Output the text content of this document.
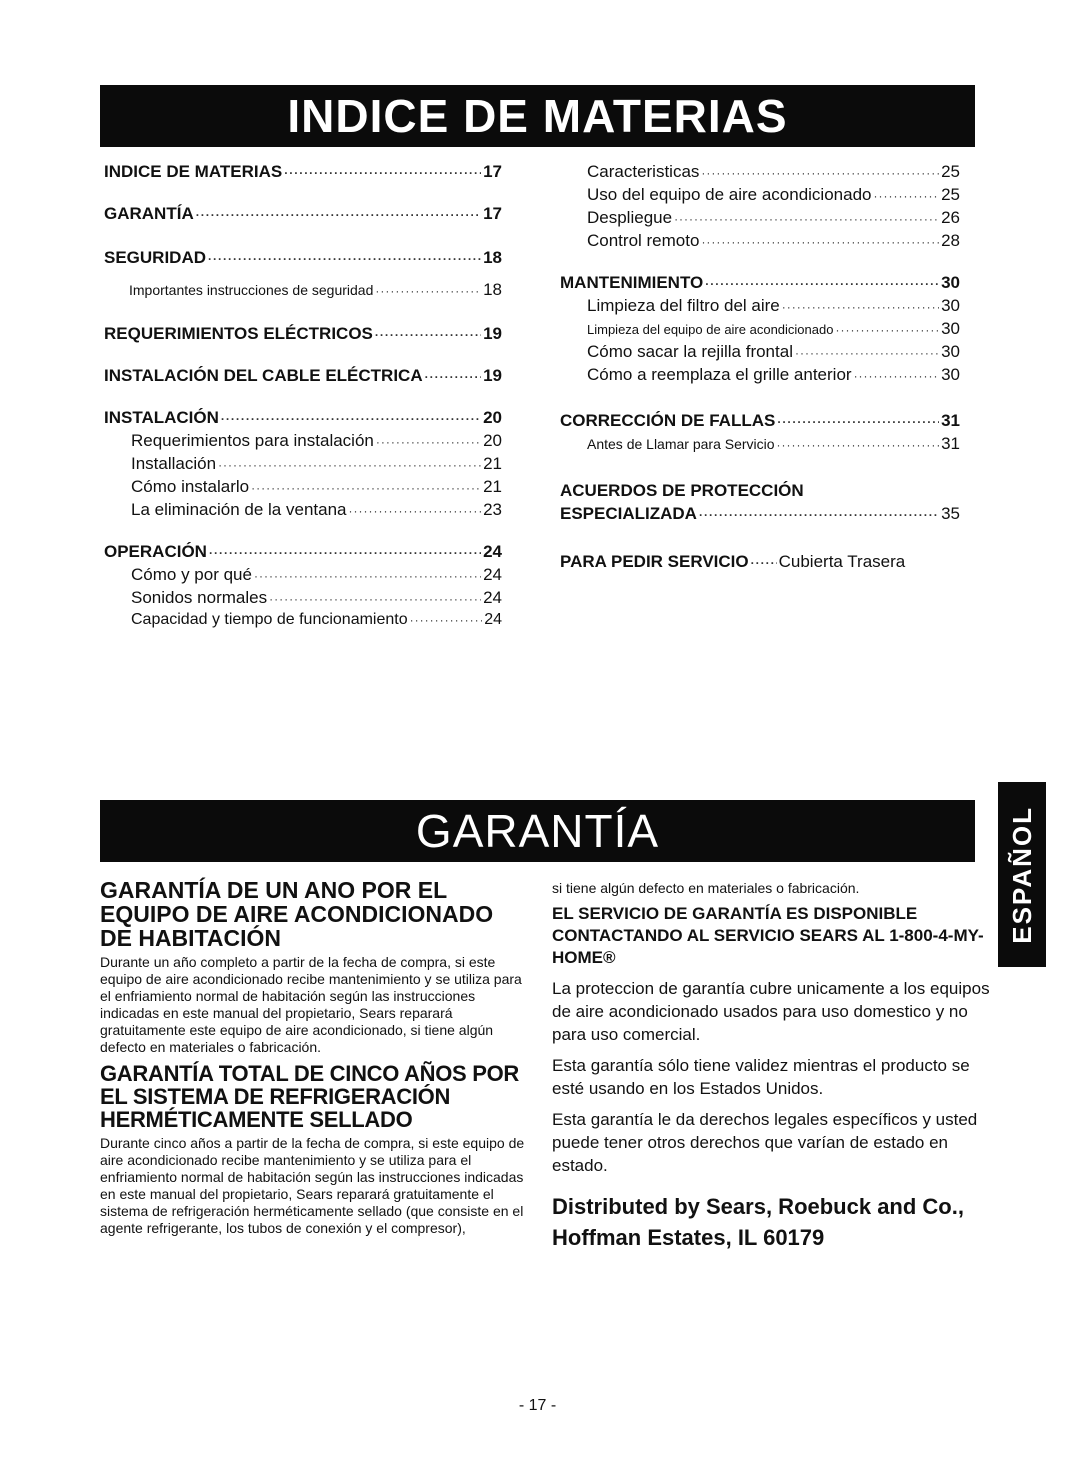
INDICE DE MATERIAS
INDICE DE MATERIAS ·····	17
GARANTÍA ·····	17
SEGURIDAD ·····	18
Importantes instrucciones de seguridad ·····	18
REQUERIMIENTOS ELÉCTRICOS ·····	19
INSTALACIÓN DEL CABLE ELÉCTRICA ·····	19
INSTALACIÓN ·····	20
Requerimientos para instalación ·····	20
Installación ·····	21
Cómo instalarlo ·····	21
La eliminación de la ventana ·····	23
OPERACIÓN ·····	24
Cómo y por qué ·····	24
Sonidos normales ·····	24
Capacidad y tiempo de funcionamiento ·····	24
Caracteristicas ·····	25
Uso del equipo de aire acondicionado ·····	25
Despliegue ·····	26
Control remoto ·····	28
MANTENIMIENTO ·····	30
Limpieza del filtro del aire ·····	30
Limpieza del equipo de aire acondicionado ·····	30
Cómo sacar la rejilla frontal ·····	30
Cómo a reemplaza el grille anterior ·····	30
CORRECCIÓN DE FALLAS ·····	31
Antes de Llamar para Servicio ·····	31
ACUERDOS DE PROTECCIÓN
ESPECIALIZADA ·····	35
PARA PEDIR SERVICIO ····· Cubierta Trasera
GARANTÍA	ESPAÑOL

GARANTÍA DE UN ANO POR EL EQUIPO DE AIRE ACONDICIONADO DE HABITACIÓN

Durante un año completo a partir de la fecha de compra, si este equipo de aire acondicionado recibe mantenimiento y se utiliza para el enfriamiento normal de habitación según las instrucciones indicadas en este manual del propietario, Sears reparará gratuitamente este equipo de aire acondicionado, si tiene algún defecto en materiales o fabricación.

GARANTÍA TOTAL DE CINCO AÑOS POR EL SISTEMA DE REFRIGERACIÓN HERMÉTICAMENTE SELLADO

Durante cinco años a partir de la fecha de compra, si este equipo de aire acondicionado recibe mantenimiento y se utiliza para el enfriamiento normal de habitación según las instrucciones indicadas en este manual del propietario, Sears reparará gratuitamente el sistema de refrigeración herméticamente sellado (que consiste en el agente refrigerante, los tubos de conexión y el compresor),

si tiene algún defecto en materiales o fabricación.

EL SERVICIO DE GARANTÍA ES DISPONIBLE CONTACTANDO AL SERVICIO SEARS AL 1-800-4-MY-HOME®

La proteccion de garantía cubre unicamente a los equipos de aire acondicionado usados para uso domestico y no para uso comercial.

Esta garantía sólo tiene validez mientras el producto se esté usando en los Estados Unidos.

Esta garantía le da derechos legales específicos y usted puede tener otros derechos que varían de estado en estado.

Distributed by Sears, Roebuck and Co., Hoffman Estates, IL 60179

- 17 -
